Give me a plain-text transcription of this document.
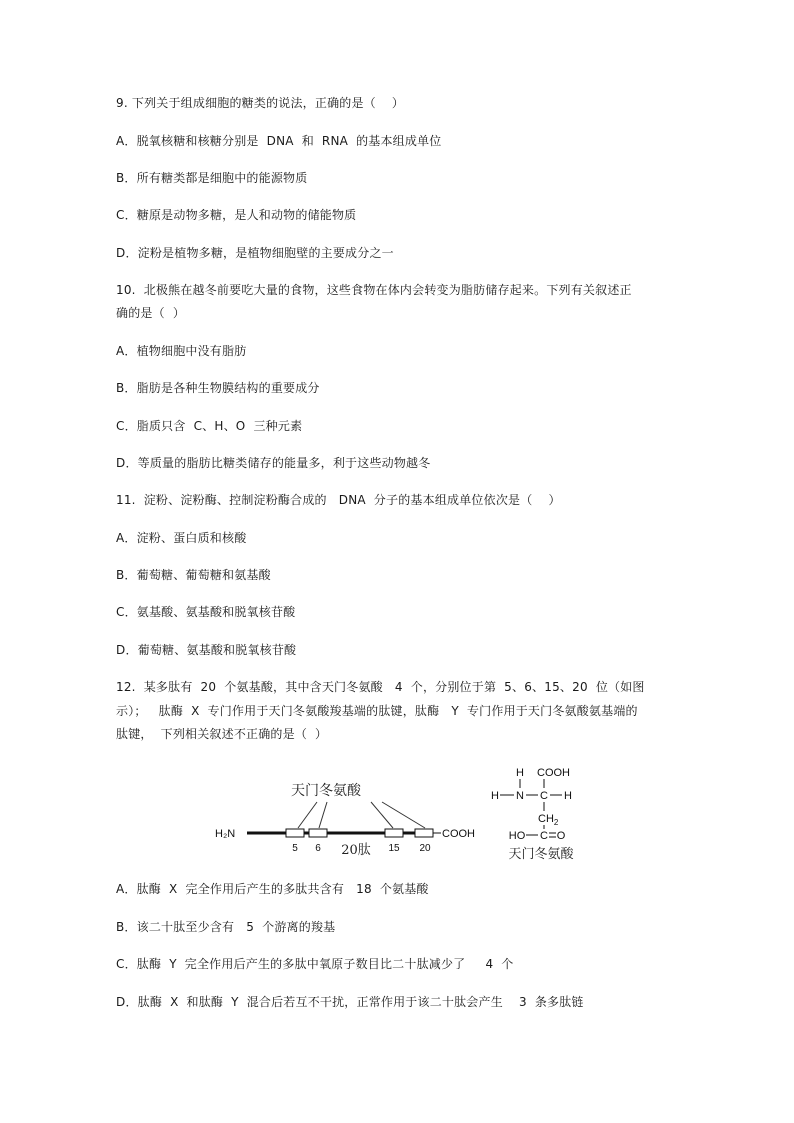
9. 下列关于组成细胞的糖类的说法，正确的是（    ）
A．脱氧核糖和核糖分别是  DNA  和  RNA  的基本组成单位
B．所有糖类都是细胞中的能源物质
C．糖原是动物多糖，是人和动物的储能物质
D．淀粉是植物多糖，是植物细胞壁的主要成分之一
10.  北极熊在越冬前要吃大量的食物，这些食物在体内会转变为脂肪储存起来。下列有关叙述正
确的是（  ）
A．植物细胞中没有脂肪
B．脂肪是各种生物膜结构的重要成分
C．脂质只含  C、H、O  三种元素
D．等质量的脂肪比糖类储存的能量多，利于这些动物越冬
11.  淀粉、淀粉酶、控制淀粉酶合成的   DNA  分子的基本组成单位依次是（    ）
A．淀粉、蛋白质和核酸
B．葡萄糖、葡萄糖和氨基酸
C．氨基酸、氨基酸和脱氧核苷酸
D．葡萄糖、氨基酸和脱氧核苷酸
12.  某多肽有  20  个氨基酸，其中含天门冬氨酸   4  个，分别位于第  5、6、15、20  位（如图
示）；   肽酶  X  专门作用于天门冬氨酸羧基端的肽键，肽酶   Y  专门作用于天门冬氨酸氨基端的
肽键，  下列相关叙述不正确的是（  ）
天门冬氨酸
H₂N	COOH
5 6	15 20
20肽
H COOH
H N C H
$CH_2$
HO C O
天门冬氨酸
A．肽酶  X  完全作用后产生的多肽共含有   18  个氨基酸
B．该二十肽至少含有   5  个游离的羧基
C．肽酶  Y  完全作用后产生的多肽中氧原子数目比二十肽减少了     4  个
D．肽酶  X  和肽酶  Y  混合后若互不干扰，正常作用于该二十肽会产生    3  条多肽链
